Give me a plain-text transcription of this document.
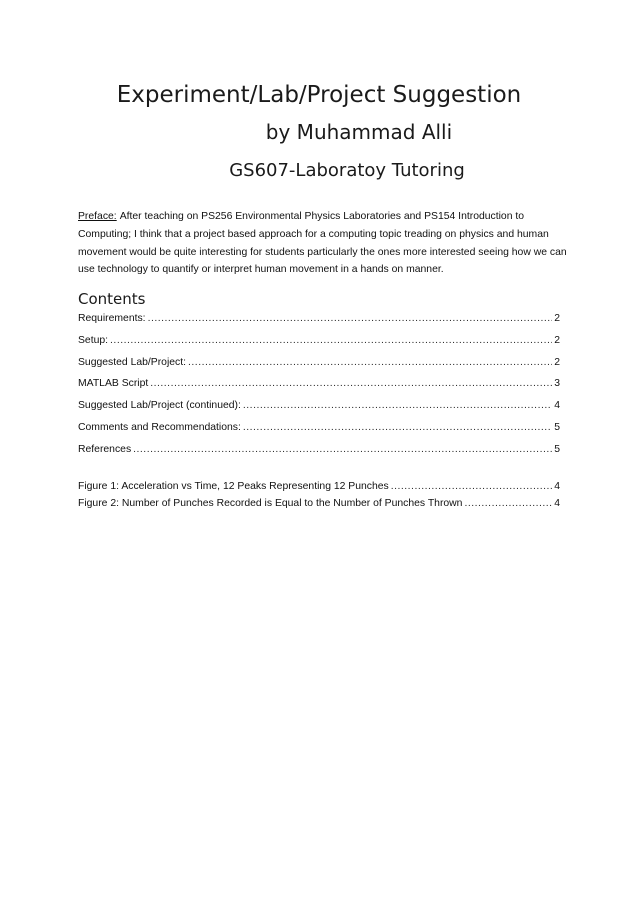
Experiment/Lab/Project Suggestion
by Muhammad Alli
GS607-Laboratoy Tutoring
Preface: After teaching on PS256 Environmental Physics Laboratories and PS154 Introduction to Computing; I think that a project based approach for a computing topic treading on physics and human movement would be quite interesting for students particularly the ones more interested seeing how we can use technology to quantify or interpret human movement in a hands on manner.
Contents
Requirements: .....	2
Setup: .....	2
Suggested Lab/Project: .....	2
MATLAB Script .....	3
Suggested Lab/Project (continued): .....	4
Comments and Recommendations: .....	5
References .....	5
Figure 1: Acceleration vs Time, 12 Peaks Representing 12 Punches .....	4
Figure 2: Number of Punches Recorded is Equal to the Number of Punches Thrown .....	4
